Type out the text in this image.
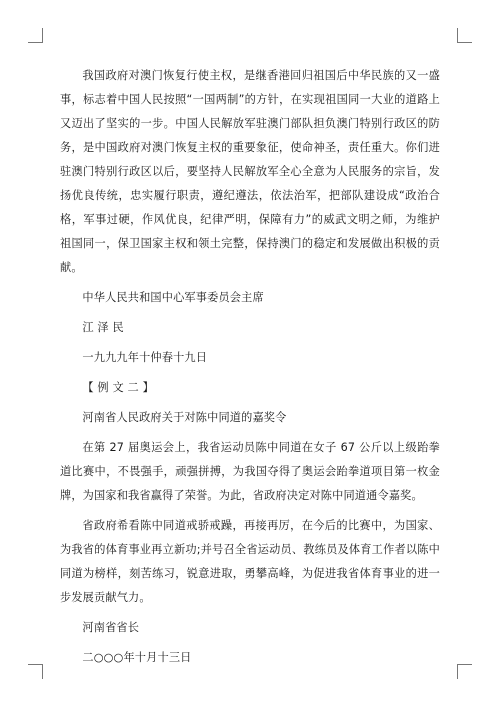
我国政府对澳门恢复行使主权，是继香港回归祖国后中华民族的又一盛事，标志着中国人民按照“一国两制”的方针，在实现祖国同一大业的道路上又迈出了坚实的一步。中国人民解放军驻澳门部队担负澳门特别行政区的防务，是中国政府对澳门恢复主权的重要象征，使命神圣，责任重大。你们进驻澳门特别行政区以后，要坚持人民解放军全心全意为人民服务的宗旨，发扬优良传统，忠实履行职责，遵纪遵法，依法治军，把部队建设成“政治合格，军事过硬，作风优良，纪律严明，保障有力”的威武文明之师，为维护祖国同一，保卫国家主权和领土完整，保持澳门的稳定和发展做出积极的贡献。

中华人民共和国中心军事委员会主席

江 泽 民

一九九九年十仲春十九日

【 例 文 二 】

河南省人民政府关于对陈中同道的嘉奖令

在第 27 届奥运会上，我省运动员陈中同道在女子 67 公斤以上级跆拳道比赛中，不畏强手，顽强拼搏，为我国夺得了奥运会跆拳道项目第一枚金牌，为国家和我省赢得了荣誉。为此，省政府决定对陈中同道通令嘉奖。

省政府希看陈中同道戒骄戒躁，再接再厉，在今后的比赛中，为国家、为我省的体育事业再立新功;并号召全省运动员、教练员及体育工作者以陈中同道为榜样，刻苦练习，锐意进取，勇攀高峰，为促进我省体育事业的进一步发展贡献气力。

河南省省长

二○○○年十月十三日
